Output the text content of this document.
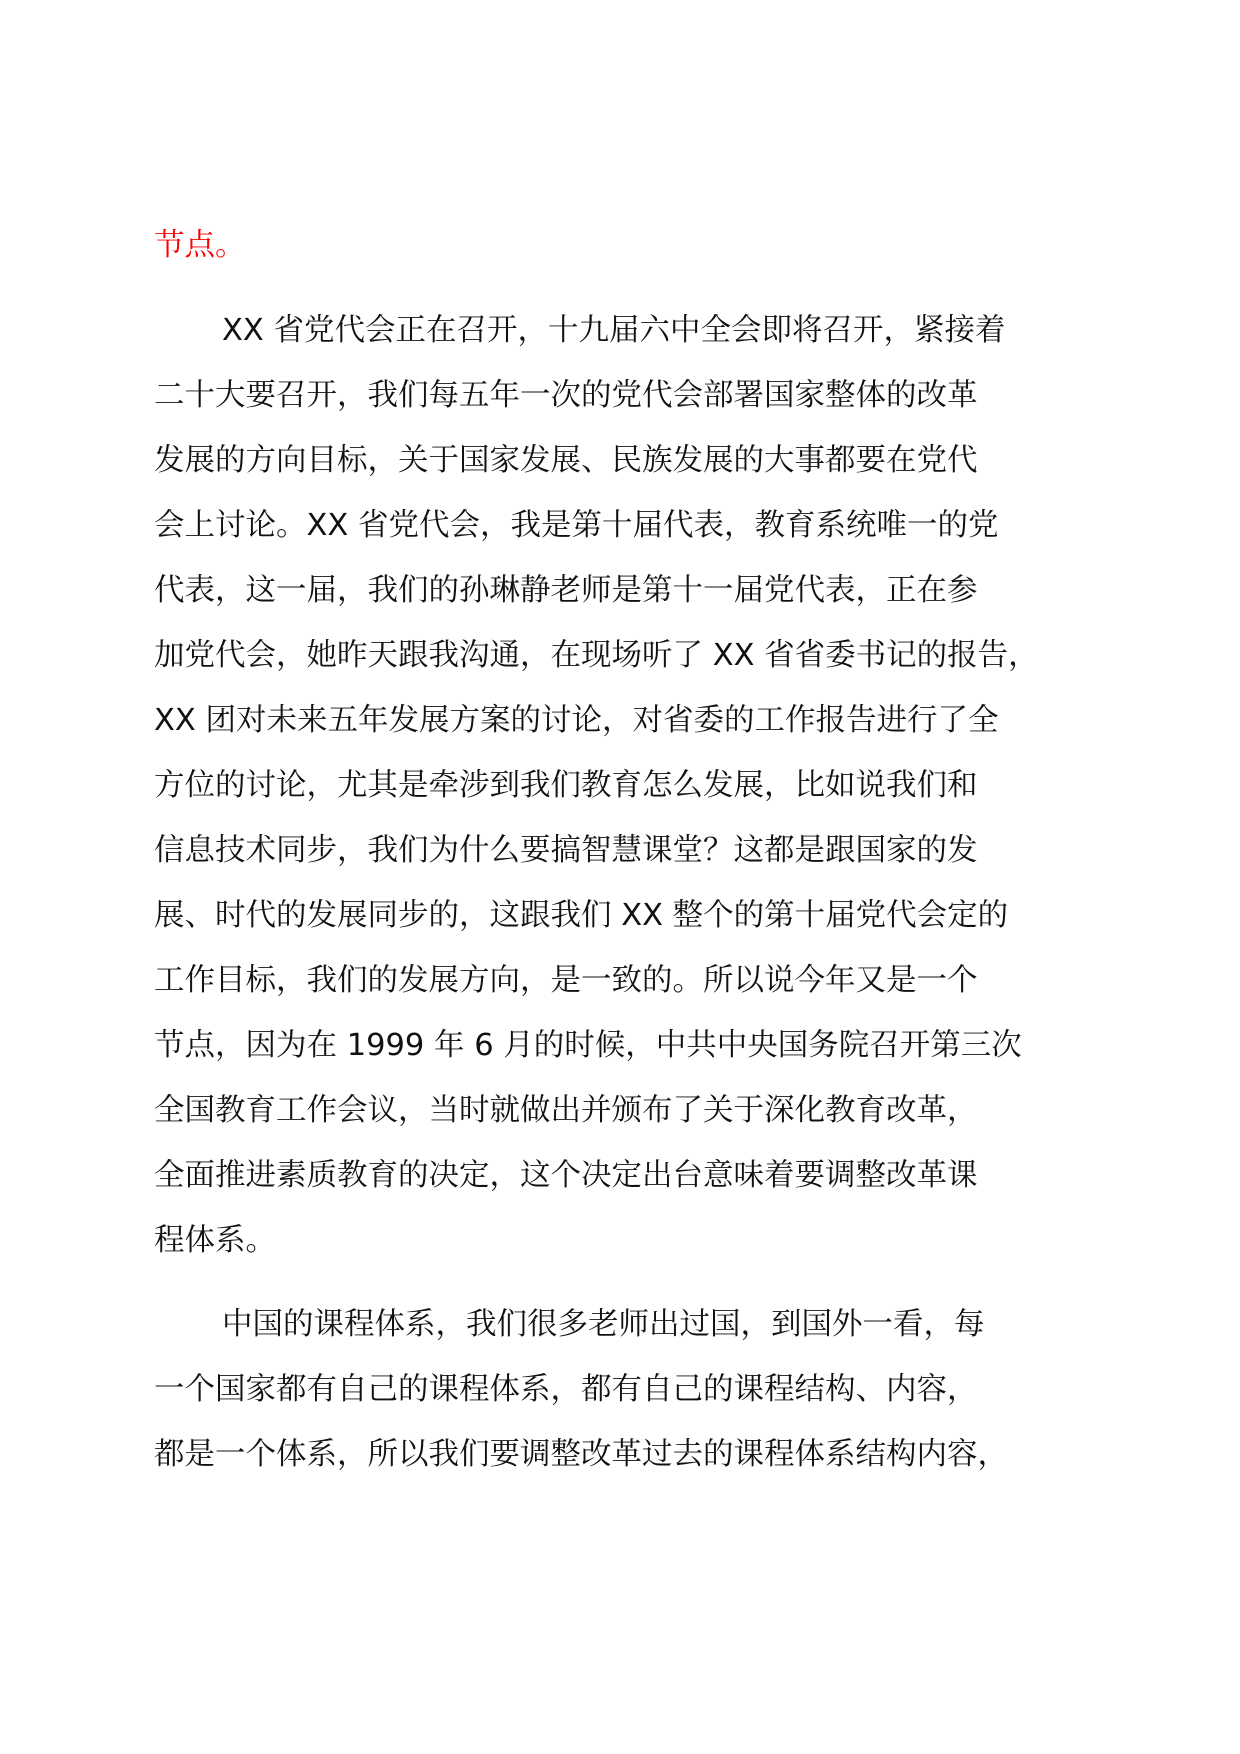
节点。
XX 省党代会正在召开，十九届六中全会即将召开，紧接着
二十大要召开，我们每五年一次的党代会部署国家整体的改革
发展的方向目标，关于国家发展、民族发展的大事都要在党代
会上讨论。XX 省党代会，我是第十届代表，教育系统唯一的党
代表，这一届，我们的孙琳静老师是第十一届党代表，正在参
加党代会，她昨天跟我沟通，在现场听了 XX 省省委书记的报告，
XX 团对未来五年发展方案的讨论，对省委的工作报告进行了全
方位的讨论，尤其是牵涉到我们教育怎么发展，比如说我们和
信息技术同步，我们为什么要搞智慧课堂？这都是跟国家的发
展、时代的发展同步的，这跟我们 XX 整个的第十届党代会定的
工作目标，我们的发展方向，是一致的。所以说今年又是一个
节点，因为在 1999 年 6 月的时候，中共中央国务院召开第三次
全国教育工作会议，当时就做出并颁布了关于深化教育改革，
全面推进素质教育的决定，这个决定出台意味着要调整改革课
程体系。
中国的课程体系，我们很多老师出过国，到国外一看，每
一个国家都有自己的课程体系，都有自己的课程结构、内容，
都是一个体系，所以我们要调整改革过去的课程体系结构内容，
